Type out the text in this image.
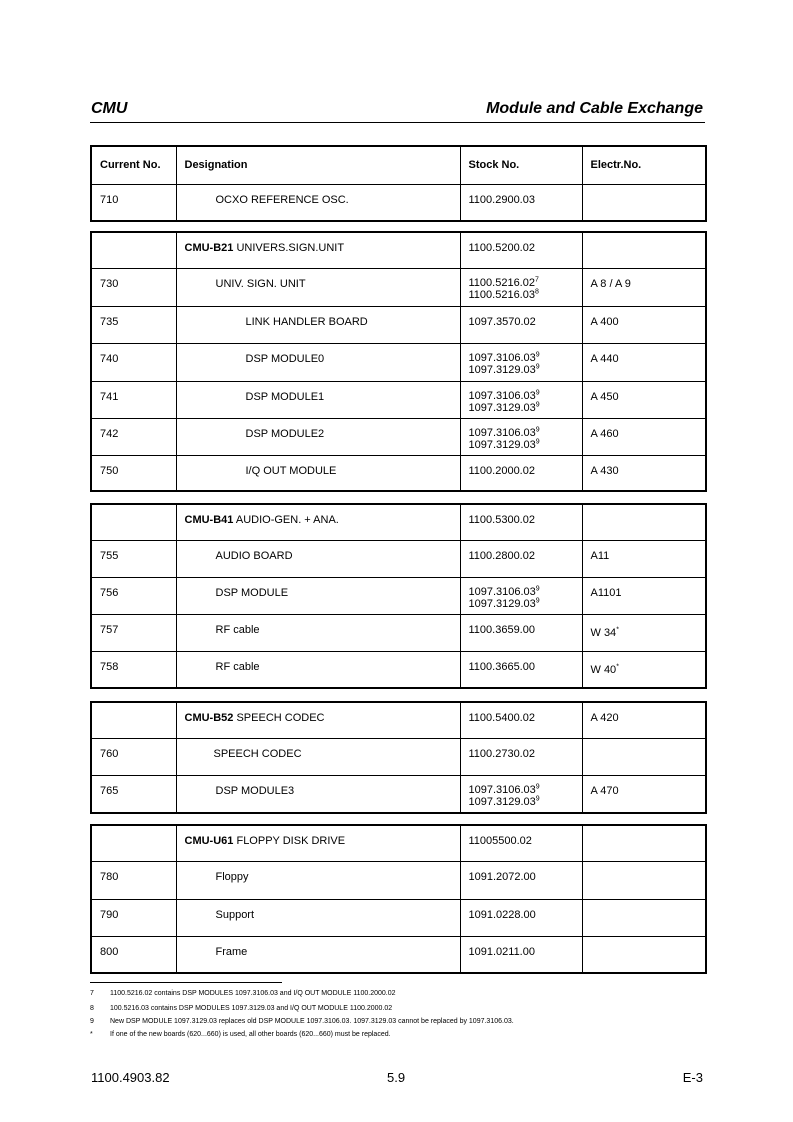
CMU	Module and Cable Exchange
Current No.	Designation	Stock No.	Electr.No.

710	OCXO REFERENCE OSC.	1100.2900.03	

	CMU-B21 UNIVERS.SIGN.UNIT	1100.5200.02	

730	UNIV. SIGN. UNIT	1100.5216.02$^7$
1100.5216.03$^8$	A 8 / A 9

735	LINK HANDLER BOARD	1097.3570.02	A 400

740	DSP MODULE0	1097.3106.03$^9$
1097.3129.03$^9$	A 440

741	DSP MODULE1	1097.3106.03$^9$
1097.3129.03$^9$	A 450

742	DSP MODULE2	1097.3106.03$^9$
1097.3129.03$^9$	A 460

750	I/Q OUT MODULE	1100.2000.02	A 430

	CMU-B41 AUDIO-GEN. + ANA.	1100.5300.02	

755	AUDIO BOARD	1100.2800.02	A11

756	DSP MODULE	1097.3106.03$^9$
1097.3129.03$^9$	A1101

757	RF cable	1100.3659.00	W 34*

758	RF cable	1100.3665.00	W 40*

	CMU-B52 SPEECH CODEC	1100.5400.02	A 420

760	SPEECH CODEC	1100.2730.02	

765	DSP MODULE3	1097.3106.03$^9$
1097.3129.03$^9$	A 470

	CMU-U61 FLOPPY DISK DRIVE	11005500.02	

780	Floppy	1091.2072.00	

790	Support	1091.0228.00	

800	Frame	1091.0211.00	

7 1100.5216.02 contains DSP MODULES 1097.3106.03 and I/Q OUT MODULE 1100.2000.02
8 100.5216.03 contains DSP MODULES 1097.3129.03 and I/Q OUT MODULE 1100.2000.02
9 New DSP MODULE 1097.3129.03 replaces old DSP MODULE 1097.3106.03. 1097.3129.03 cannot be replaced by 1097.3106.03.
* If one of the new boards (620...660) is used, all other boards (620...660) must be replaced.
1100.4903.82	5.9	E-3
